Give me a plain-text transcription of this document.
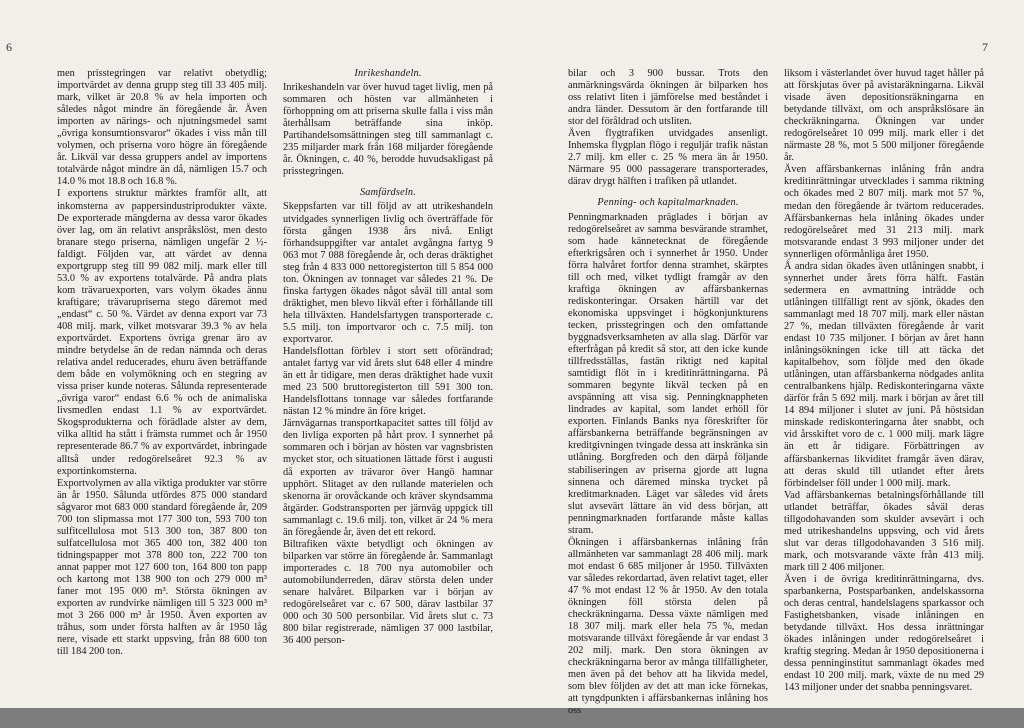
6

men prisstegringen var relativt obetydlig; importvärdet av denna grupp steg till 33 405 milj. mark, vilket är 20.8 % av hela importen och således något mindre än föregående år. Även importen av närings- och njutningsmedel samt „övriga konsumtionsvaror“ ökades i viss mån till volymen, och priserna voro högre än föregående år. Likväl var dessa gruppers andel av importens totalvärde något mindre än då, nämligen 15.7 och 14.0 % mot 18.8 och 16.8 %.
I exportens struktur märktes framför allt, att inkomsterna av pappersindustriprodukter växte. De exporterade mängderna av dessa varor ökades över lag, om än relativt anspråkslöst, men desto branare stego priserna, nämligen ungefär 2 ½-faldigt. Följden var, att värdet av denna exportgrupp steg till 99 082 milj. mark eller till 53.0 % av exportens totalvärde. På andra plats kom trävaruexporten, vars volym ökades ännu kraftigare; trävarupriserna stego däremot med „endast“ c. 50 %. Värdet av denna export var 73 408 milj. mark, vilket motsvarar 39.3 % av hela exportvärdet. Exportens övriga grenar äro av mindre betydelse än de redan nämnda och deras relativa andel reducerades, ehuru även beträffande dem både en volymökning och en stegring av vissa priser kunde noteras. Sålunda representerade „övriga varor“ endast 6.6 % och de animaliska livsmedlen endast 1.1 % av exportvärdet. Skogsprodukterna och förädlade alster av dem, vilka alltid ha stått i främsta rummet och år 1950 representerade 86.7 % av exportvärdet, inbringade alltså under redogörelseåret 92.3 % av exportinkomsterna.
Exportvolymen av alla viktiga produkter var större än år 1950. Sålunda utfördes 875 000 standard sågvaror mot 683 000 standard föregående år, 209 700 ton slipmassa mot 177 300 ton, 593 700 ton sulfitcellulosa mot 513 300 ton, 387 800 ton sulfatcellulosa mot 365 400 ton, 382 400 ton tidningspapper mot 378 800 ton, 222 700 ton annat papper mot 127 600 ton, 164 800 ton papp och kartong mot 138 900 ton och 279 000 m³ faner mot 195 000 m³. Största ökningen av exporten av rundvirke nämligen till 5 323 000 m³ mot 3 266 000 m³ år 1950. Även exporten av tråhus, som under första halften av år 1950 låg nere, visade ett starkt uppsving, från 88 600 ton till 184 200 ton.

Inrikeshandeln.

Inrikeshandeln var över huvud taget livlig, men på sommaren och hösten var allmänheten i förhoppning om att priserna skulle falla i viss mån återhållsam beträffande sina inköp. Partihandelsomsättningen steg till sammanlagt c. 235 miljarder mark från 168 miljarder föregående år. Ökningen, c. 40 %, berodde huvudsakligast på prisstegringen.

Samfärdseln.

Skeppsfarten var till följd av att utrikeshandeln utvidgades synnerligen livlig och överträffade för första gången 1938 års nivå. Enligt förhandsuppgifter var antalet avgångna fartyg 9 063 mot 7 088 föregående år, och deras dräktighet steg från 4 833 000 nettoregisterton till 5 854 000 ton. Ökningen av tonnaget var således 21 %. De finska fartygen ökades något såväl till antal som dräktighet, men blevo likväl efter i förhållande till hela tillväxten. Handelsfartygen transporterade c. 5.5 milj. ton importvaror och c. 7.5 milj. ton exportvaror.
Handelsflottan förblev i stort sett oförändrad; antalet fartyg var vid årets slut 648 eller 4 mindre än ett år tidigare, men deras dräktighet hade vuxit med 23 500 bruttoregisterton till 591 300 ton. Handelsflottans tonnage var således fortfarande nästan 12 % mindre än före kriget.
Järnvägarnas transportkapacitet sattes till följd av den livliga exporten på hårt prov. I synnerhet på sommaren och i början av hösten var vagnsbristen mycket stor, och situationen lättade först i augusti då exporten av trävaror över Hangö hamnar upphört. Slitaget av den rullande materielen och skenorna är orovåckande och kräver skyndsamma åtgärder. Godstransporten per järnväg uppgick till sammanlagt c. 19.6 milj. ton, vilket är 24 % mera än föregående år, även det ett rekord.
Biltrafiken växte betydligt och ökningen av bilparken var större än föregående år. Sammanlagt importerades c. 18 700 nya automobiler och automobilunderreden, därav största delen under senare halvåret. Bilparken var i början av redogörelseåret var c. 67 500, därav lastbilar 37 000 och 30 500 personbilar. Vid årets slut c. 73 800 bilar registrerade, nämligen 37 000 lastbilar, 36 400 person-

7

bilar och 3 900 bussar. Trots den anmärkningsvärda ökningen är bilparken hos oss relativt liten i jämförelse med beståndet i andra länder. Dessutom är den fortfarande till stor del föråldrad och utsliten.
Även flygtrafiken utvidgades ansenligt. Inhemska flygplan flögo i reguljär trafik nästan 2.7 milj. km eller c. 25 % mera än år 1950. Närmare 95 000 passagerare transporterades, därav drygt hälften i trafiken på utlandet.

Penning- och kapitalmarknaden.

Penningmarknaden präglades i början av redogörelseåret av samma besvärande stramhet, som hade kännetecknat de föregående efterkrigsåren och i synnerhet år 1950. Under förra halvåret fortfor denna stramhet, skärptes till och med, vilket tydligt framgår av den kraftiga ökningen av affärsbankernas rediskonteringar. Orsaken härtill var det ekonomiska uppsvinget i högkonjunkturens tecken, prisstegringen och den omfattande byggnadsverksamheten av alla slag. Därför var efterfrågan på kredit så stor, att den icke kunde tillfredsställas, fastän riktigt ned kapital samtidigt flöt in i kreditinrättningarna. På sommaren begynte likväl tecken på en avspänning att visa sig. Penningknappheten lindrades av kapital, som landet erhöll för exporten. Finlands Banks nya föreskrifter för affärsbankerna beträffande begränsningen av kreditgivningen tvingade dessa att inskränka sin utlåning. Borgfreden och den därpå följande stabiliseringen av priserna gjorde att lugna sinnena och däremed minska trycket på kreditmarknaden. Läget var således vid årets slut avsevärt lättare än vid dess början, att penningmarknaden fortfarande måste kallas stram.
Ökningen i affärsbankernas inlåning från allmänheten var sammanlagt 28 406 milj. mark mot endast 6 685 miljoner år 1950. Tillväxten var således rekordartad, även relativt taget, eller 47 % mot endast 12 % år 1950. Av den totala ökningen föll största delen på checkräkningarna. Dessa växte nämligen med 18 307 milj. mark eller hela 75 %, medan motsvarande tillväxt föregående år var endast 3 202 milj. mark. Den stora ökningen av checkräkningarna beror av många tillfälligheter, men även på det behov att ha likvida medel, som blev följden av det att man icke förnekas, att tyngdpunkten i affärsbankernas inlåning hos oss

liksom i västerlandet över huvud taget håller på att förskjutas över på avistaräkningarna. Likväl visade även depositionsräkningarna en betydande tillväxt, om och anspråkslösare än checkräkningarna. Ökningen var under redogörelseåret 10 099 milj. mark eller i det närmaste 28 %, mot 5 500 miljoner föregående år.
Även affärsbankernas inlåning från andra kreditinrättningar utvecklades i samma riktning och ökades med 2 807 milj. mark mot 57 %, medan den föregående år tvärtom reducerades. Affärsbankernas hela inlåning ökades under redogörelseåret med 31 213 milj. mark motsvarande endast 3 993 miljoner under det synnerligen oförmånliga året 1950.
Å andra sidan ökades även utlåningen snabbt, i synnerhet under årets förra hälft. Fastän sedermera en avmattning inträdde och utlåningen tillfälligt rent av sjönk, ökades den sammanlagt med 18 707 milj. mark eller nästan 27 %, medan tillväxten föregående år varit endast 10 735 miljoner. I början av året hann inlåningsökningen icke till att täcka det kapitalbehov, som följde med den ökade utlåningen, utan affärsbankerna nödgades anlita centralbankens hjälp. Rediskonteringarna växte därför från 5 692 milj. mark i början av året till 14 894 miljoner i slutet av juni. På höstsidan minskade rediskonteringarna åter snabbt, och vid årsskiftet voro de c. 1 000 milj. mark lägre än ett år tidigare. Förbättringen av affärsbankernas likviditet framgår även därav, att deras skuld till utlandet efter årets förbindelser föll under 1 000 milj. mark.
Vad affärsbankernas betalningsförhållande till utlandet beträffar, ökades såväl deras tillgodohavanden som skulder avsevärt i och med utrikeshandelns uppsving, och vid årets slut var deras tillgodohavanden 3 516 milj. mark, och motsvarande växte från 413 milj. mark till 2 406 miljoner.
Även i de övriga kreditinrättningarna, dvs. sparbankerna, Postsparbanken, andelskassorna och deras central, handelslagens sparkassor och Fastighetsbanken, visade inlåningen en betydande tillväxt. Hos dessa inrättningar ökades inlåningen under redogörelseåret i kraftig stegring. Medan år 1950 depositionerna i dessa penninginstitut sammanlagt ökades med endast 10 200 milj. mark, växte de nu med 29 143 miljoner under det snabba penningsvaret.
